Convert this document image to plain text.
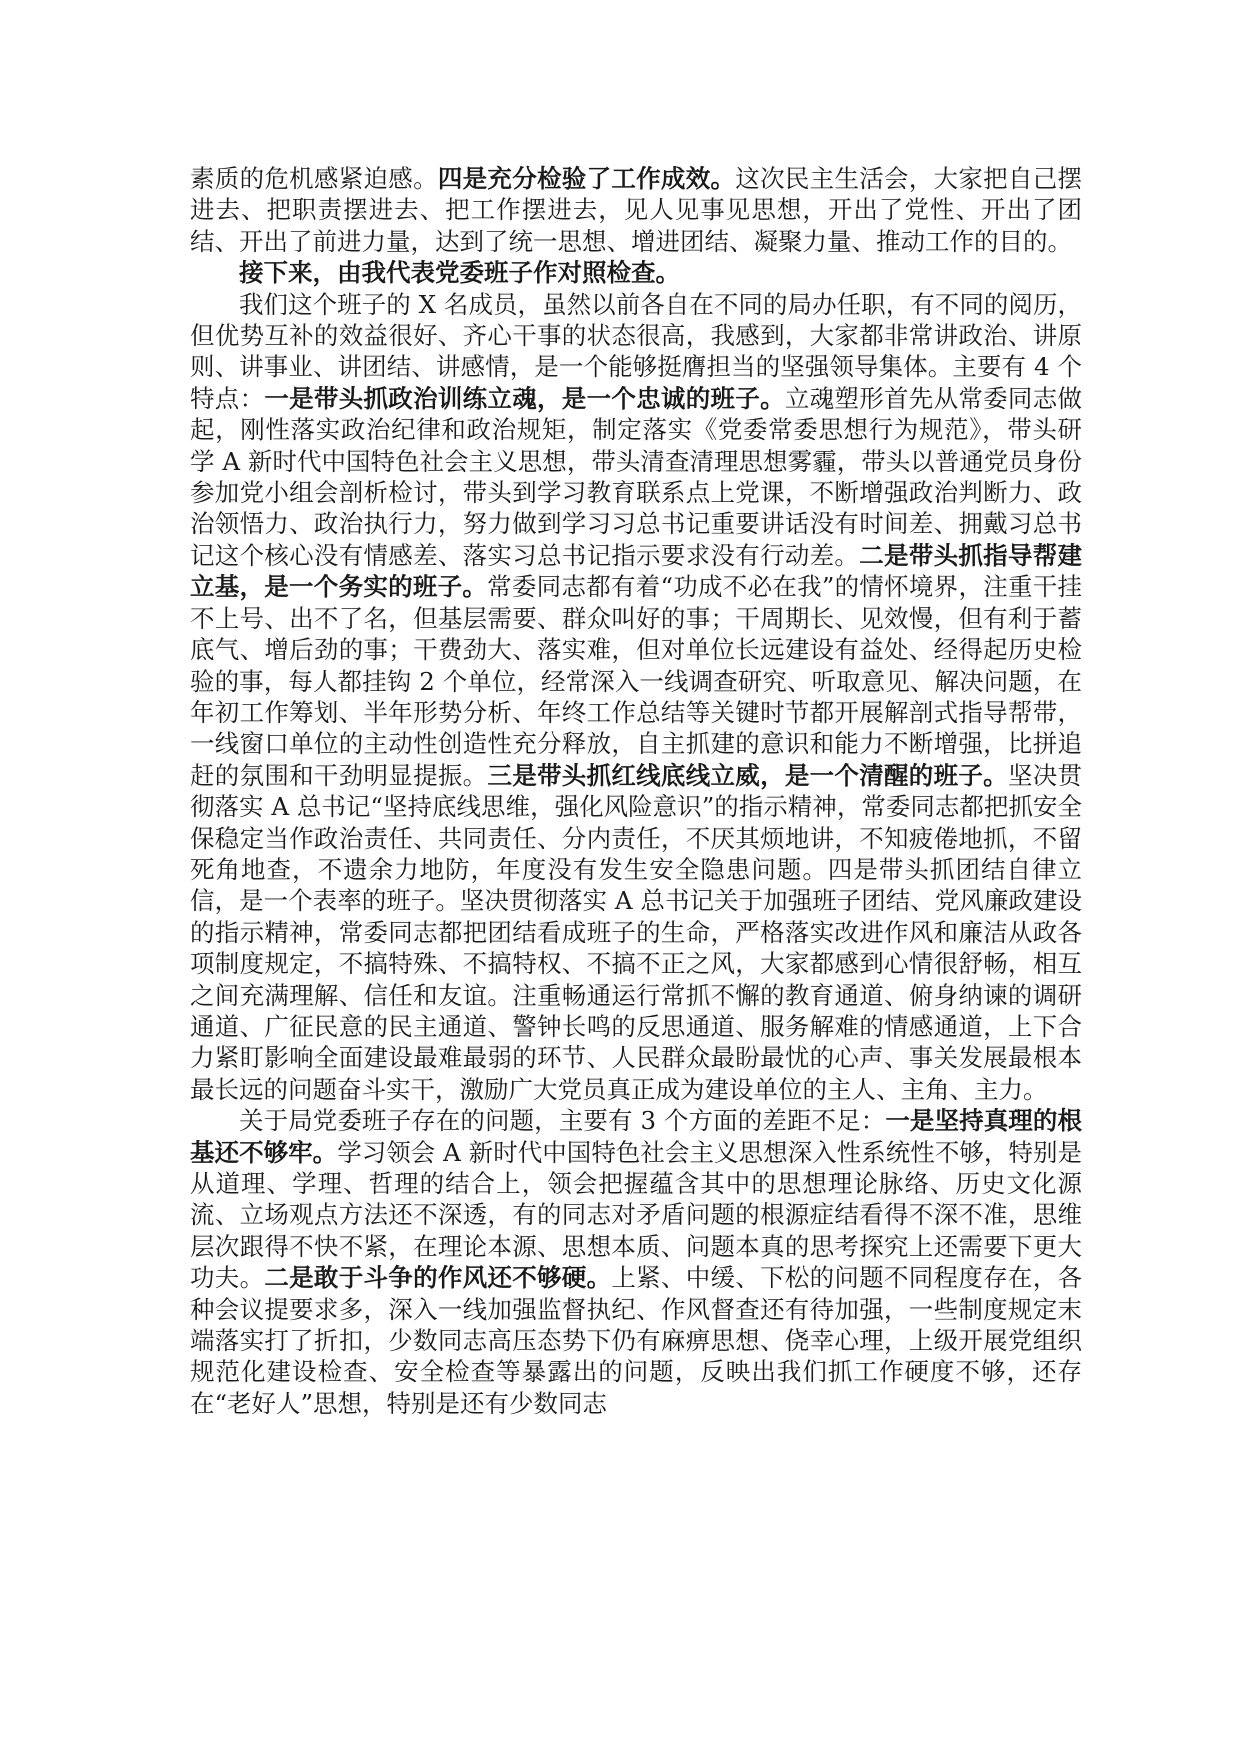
素质的危机感紧迫感。四是充分检验了工作成效。这次民主生活会，大家把自己摆进去、把职责摆进去、把工作摆进去，见人见事见思想，开出了党性、开出了团结、开出了前进力量，达到了统一思想、增进团结、凝聚力量、推动工作的目的。

接下来，由我代表党委班子作对照检查。

我们这个班子的 X 名成员，虽然以前各自在不同的局办任职，有不同的阅历，但优势互补的效益很好、齐心干事的状态很高，我感到，大家都非常讲政治、讲原则、讲事业、讲团结、讲感情，是一个能够挺膺担当的坚强领导集体。主要有 4 个特点：一是带头抓政治训练立魂，是一个忠诚的班子。立魂塑形首先从常委同志做起，刚性落实政治纪律和政治规矩，制定落实《党委常委思想行为规范》，带头研学 A 新时代中国特色社会主义思想，带头清查清理思想雾霾，带头以普通党员身份参加党小组会剖析检讨，带头到学习教育联系点上党课，不断增强政治判断力、政治领悟力、政治执行力，努力做到学习习总书记重要讲话没有时间差、拥戴习总书记这个核心没有情感差、落实习总书记指示要求没有行动差。二是带头抓指导帮建立基，是一个务实的班子。常委同志都有着“功成不必在我”的情怀境界，注重干挂不上号、出不了名，但基层需要、群众叫好的事；干周期长、见效慢，但有利于蓄底气、增后劲的事；干费劲大、落实难，但对单位长远建设有益处、经得起历史检验的事，每人都挂钩 2 个单位，经常深入一线调查研究、听取意见、解决问题，在年初工作筹划、半年形势分析、年终工作总结等关键时节都开展解剖式指导帮带，一线窗口单位的主动性创造性充分释放，自主抓建的意识和能力不断增强，比拼追赶的氛围和干劲明显提振。三是带头抓红线底线立威，是一个清醒的班子。坚决贯彻落实 A 总书记“坚持底线思维，强化风险意识”的指示精神，常委同志都把抓安全保稳定当作政治责任、共同责任、分内责任，不厌其烦地讲，不知疲倦地抓，不留死角地查，不遗余力地防，年度没有发生安全隐患问题。四是带头抓团结自律立信，是一个表率的班子。坚决贯彻落实 A 总书记关于加强班子团结、党风廉政建设的指示精神，常委同志都把团结看成班子的生命，严格落实改进作风和廉洁从政各项制度规定，不搞特殊、不搞特权、不搞不正之风，大家都感到心情很舒畅，相互之间充满理解、信任和友谊。注重畅通运行常抓不懈的教育通道、俯身纳谏的调研通道、广征民意的民主通道、警钟长鸣的反思通道、服务解难的情感通道，上下合力紧盯影响全面建设最难最弱的环节、人民群众最盼最忧的心声、事关发展最根本最长远的问题奋斗实干，激励广大党员真正成为建设单位的主人、主角、主力。

关于局党委班子存在的问题，主要有 3 个方面的差距不足：一是坚持真理的根基还不够牢。学习领会 A 新时代中国特色社会主义思想深入性系统性不够，特别是从道理、学理、哲理的结合上，领会把握蕴含其中的思想理论脉络、历史文化源流、立场观点方法还不深透，有的同志对矛盾问题的根源症结看得不深不准，思维层次跟得不快不紧，在理论本源、思想本质、问题本真的思考探究上还需要下更大功夫。二是敢于斗争的作风还不够硬。上紧、中缓、下松的问题不同程度存在，各种会议提要求多，深入一线加强监督执纪、作风督查还有待加强，一些制度规定末端落实打了折扣，少数同志高压态势下仍有麻痹思想、侥幸心理，上级开展党组织规范化建设检查、安全检查等暴露出的问题，反映出我们抓工作硬度不够，还存在“老好人”思想，特别是还有少数同志
